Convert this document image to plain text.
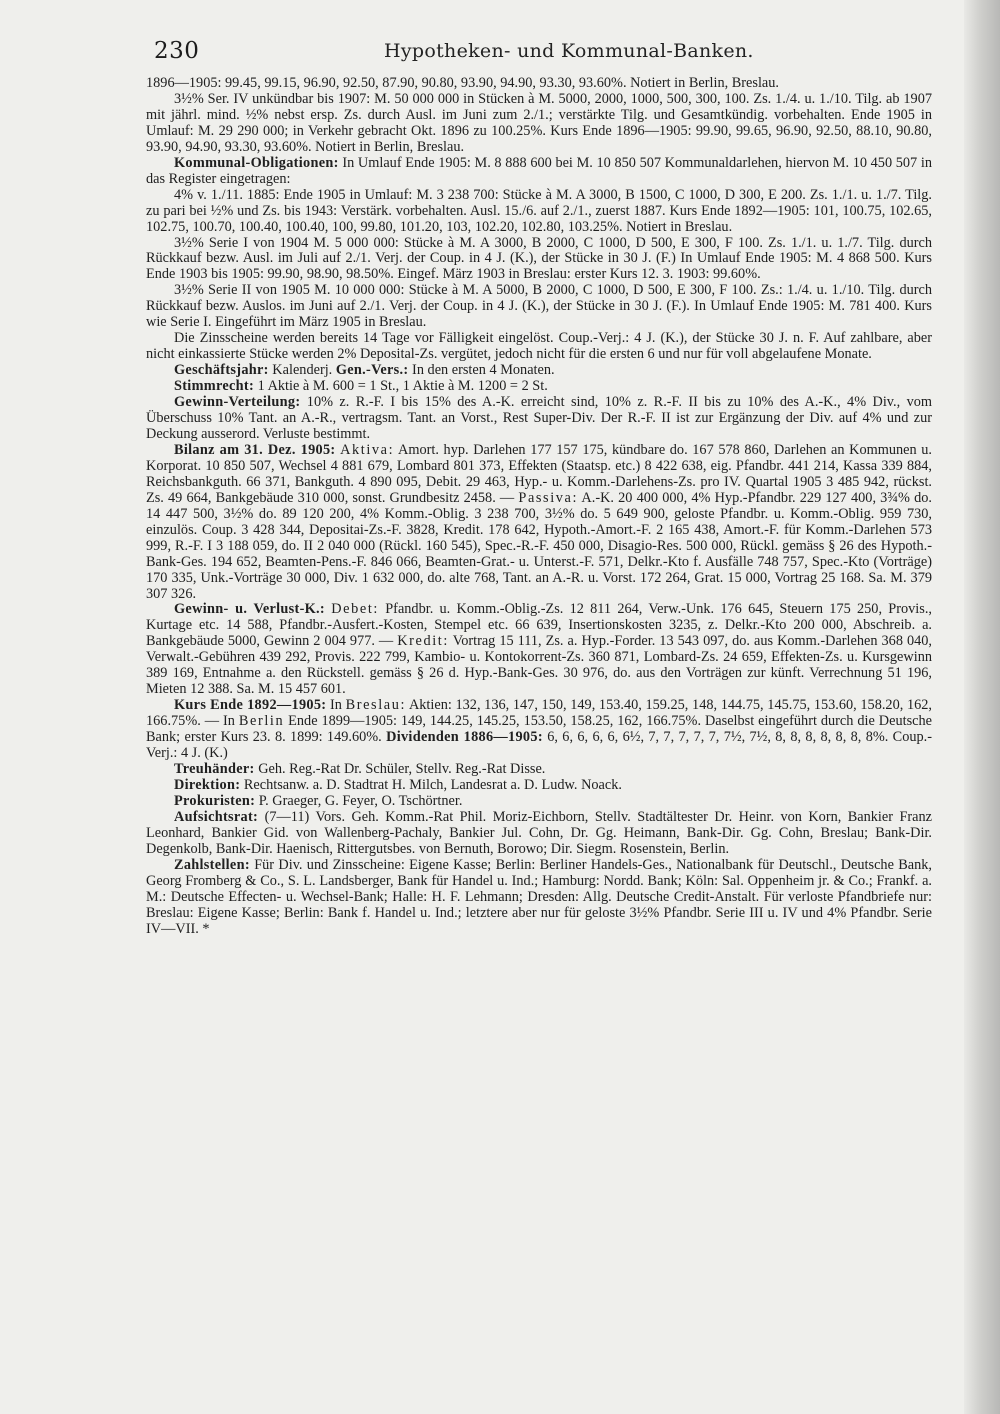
230	Hypotheken- und Kommunal-Banken.

1896—1905: 99.45, 99.15, 96.90, 92.50, 87.90, 90.80, 93.90, 94.90, 93.30, 93.60%. Notiert in Berlin, Breslau.

3½% Ser. IV unkündbar bis 1907: M. 50 000 000 in Stücken à M. 5000, 2000, 1000, 500, 300, 100. Zs. 1./4. u. 1./10. Tilg. ab 1907 mit jährl. mind. ½% nebst ersp. Zs. durch Ausl. im Juni zum 2./1.; verstärkte Tilg. und Gesamtkündig. vorbehalten. Ende 1905 in Umlauf: M. 29 290 000; in Verkehr gebracht Okt. 1896 zu 100.25%. Kurs Ende 1896—1905: 99.90, 99.65, 96.90, 92.50, 88.10, 90.80, 93.90, 94.90, 93.30, 93.60%. Notiert in Berlin, Breslau.

Kommunal-Obligationen: In Umlauf Ende 1905: M. 8 888 600 bei M. 10 850 507 Kommunaldarlehen, hiervon M. 10 450 507 in das Register eingetragen:

4% v. 1./11. 1885: Ende 1905 in Umlauf: M. 3 238 700: Stücke à M. A 3000, B 1500, C 1000, D 300, E 200. Zs. 1./1. u. 1./7. Tilg. zu pari bei ½% und Zs. bis 1943: Verstärk. vorbehalten. Ausl. 15./6. auf 2./1., zuerst 1887. Kurs Ende 1892—1905: 101, 100.75, 102.65, 102.75, 100.70, 100.40, 100.40, 100, 99.80, 101.20, 103, 102.20, 102.80, 103.25%. Notiert in Breslau.

3½% Serie I von 1904 M. 5 000 000: Stücke à M. A 3000, B 2000, C 1000, D 500, E 300, F 100. Zs. 1./1. u. 1./7. Tilg. durch Rückkauf bezw. Ausl. im Juli auf 2./1. Verj. der Coup. in 4 J. (K.), der Stücke in 30 J. (F.) In Umlauf Ende 1905: M. 4 868 500. Kurs Ende 1903 bis 1905: 99.90, 98.90, 98.50%. Eingef. März 1903 in Breslau: erster Kurs 12. 3. 1903: 99.60%.

3½% Serie II von 1905 M. 10 000 000: Stücke à M. A 5000, B 2000, C 1000, D 500, E 300, F 100. Zs.: 1./4. u. 1./10. Tilg. durch Rückkauf bezw. Auslos. im Juni auf 2./1. Verj. der Coup. in 4 J. (K.), der Stücke in 30 J. (F.). In Umlauf Ende 1905: M. 781 400. Kurs wie Serie I. Eingeführt im März 1905 in Breslau.

Die Zinsscheine werden bereits 14 Tage vor Fälligkeit eingelöst. Coup.-Verj.: 4 J. (K.), der Stücke 30 J. n. F. Auf zahlbare, aber nicht einkassierte Stücke werden 2% Deposital-Zs. vergütet, jedoch nicht für die ersten 6 und nur für voll abgelaufene Monate.

Geschäftsjahr: Kalenderj. Gen.-Vers.: In den ersten 4 Monaten.

Stimmrecht: 1 Aktie à M. 600 = 1 St., 1 Aktie à M. 1200 = 2 St.

Gewinn-Verteilung: 10% z. R.-F. I bis 15% des A.-K. erreicht sind, 10% z. R.-F. II bis zu 10% des A.-K., 4% Div., vom Überschuss 10% Tant. an A.-R., vertragsm. Tant. an Vorst., Rest Super-Div. Der R.-F. II ist zur Ergänzung der Div. auf 4% und zur Deckung ausserord. Verluste bestimmt.

Bilanz am 31. Dez. 1905: Aktiva: Amort. hyp. Darlehen 177 157 175, kündbare do. 167 578 860, Darlehen an Kommunen u. Korporat. 10 850 507, Wechsel 4 881 679, Lombard 801 373, Effekten (Staatsp. etc.) 8 422 638, eig. Pfandbr. 441 214, Kassa 339 884, Reichsbankguth. 66 371, Bankguth. 4 890 095, Debit. 29 463, Hyp.- u. Komm.-Darlehens-Zs. pro IV. Quartal 1905 3 485 942, rückst. Zs. 49 664, Bankgebäude 310 000, sonst. Grundbesitz 2458. — Passiva: A.-K. 20 400 000, 4% Hyp.-Pfandbr. 229 127 400, 3¾% do. 14 447 500, 3½% do. 89 120 200, 4% Komm.-Oblig. 3 238 700, 3½% do. 5 649 900, geloste Pfandbr. u. Komm.-Oblig. 959 730, einzulös. Coup. 3 428 344, Depositai-Zs.-F. 3828, Kredit. 178 642, Hypoth.-Amort.-F. 2 165 438, Amort.-F. für Komm.-Darlehen 573 999, R.-F. I 3 188 059, do. II 2 040 000 (Rückl. 160 545), Spec.-R.-F. 450 000, Disagio-Res. 500 000, Rückl. gemäss § 26 des Hypoth.-Bank-Ges. 194 652, Beamten-Pens.-F. 846 066, Beamten-Grat.- u. Unterst.-F. 571, Delkr.-Kto f. Ausfälle 748 757, Spec.-Kto (Vorträge) 170 335, Unk.-Vorträge 30 000, Div. 1 632 000, do. alte 768, Tant. an A.-R. u. Vorst. 172 264, Grat. 15 000, Vortrag 25 168. Sa. M. 379 307 326.

Gewinn- u. Verlust-K.: Debet: Pfandbr. u. Komm.-Oblig.-Zs. 12 811 264, Verw.-Unk. 176 645, Steuern 175 250, Provis., Kurtage etc. 14 588, Pfandbr.-Ausfert.-Kosten, Stempel etc. 66 639, Insertionskosten 3235, z. Delkr.-Kto 200 000, Abschreib. a. Bankgebäude 5000, Gewinn 2 004 977. — Kredit: Vortrag 15 111, Zs. a. Hyp.-Forder. 13 543 097, do. aus Komm.-Darlehen 368 040, Verwalt.-Gebühren 439 292, Provis. 222 799, Kambio- u. Kontokorrent-Zs. 360 871, Lombard-Zs. 24 659, Effekten-Zs. u. Kursgewinn 389 169, Entnahme a. den Rückstell. gemäss § 26 d. Hyp.-Bank-Ges. 30 976, do. aus den Vorträgen zur künft. Verrechnung 51 196, Mieten 12 388. Sa. M. 15 457 601.

Kurs Ende 1892—1905: In Breslau: Aktien: 132, 136, 147, 150, 149, 153.40, 159.25, 148, 144.75, 145.75, 153.60, 158.20, 162, 166.75%. — In Berlin Ende 1899—1905: 149, 144.25, 145.25, 153.50, 158.25, 162, 166.75%. Daselbst eingeführt durch die Deutsche Bank; erster Kurs 23. 8. 1899: 149.60%. Dividenden 1886—1905: 6, 6, 6, 6, 6, 6½, 7, 7, 7, 7, 7, 7½, 7½, 8, 8, 8, 8, 8, 8, 8%. Coup.-Verj.: 4 J. (K.)

Treuhänder: Geh. Reg.-Rat Dr. Schüler, Stellv. Reg.-Rat Disse.

Direktion: Rechtsanw. a. D. Stadtrat H. Milch, Landesrat a. D. Ludw. Noack.

Prokuristen: P. Graeger, G. Feyer, O. Tschörtner.

Aufsichtsrat: (7—11) Vors. Geh. Komm.-Rat Phil. Moriz-Eichborn, Stellv. Stadtältester Dr. Heinr. von Korn, Bankier Franz Leonhard, Bankier Gid. von Wallenberg-Pachaly, Bankier Jul. Cohn, Dr. Gg. Heimann, Bank-Dir. Gg. Cohn, Breslau; Bank-Dir. Degenkolb, Bank-Dir. Haenisch, Rittergutsbes. von Bernuth, Borowo; Dir. Siegm. Rosenstein, Berlin.

Zahlstellen: Für Div. und Zinsscheine: Eigene Kasse; Berlin: Berliner Handels-Ges., Nationalbank für Deutschl., Deutsche Bank, Georg Fromberg & Co., S. L. Landsberger, Bank für Handel u. Ind.; Hamburg: Nordd. Bank; Köln: Sal. Oppenheim jr. & Co.; Frankf. a. M.: Deutsche Effecten- u. Wechsel-Bank; Halle: H. F. Lehmann; Dresden: Allg. Deutsche Credit-Anstalt. Für verloste Pfandbriefe nur: Breslau: Eigene Kasse; Berlin: Bank f. Handel u. Ind.; letztere aber nur für geloste 3½% Pfandbr. Serie III u. IV und 4% Pfandbr. Serie IV—VII. *
